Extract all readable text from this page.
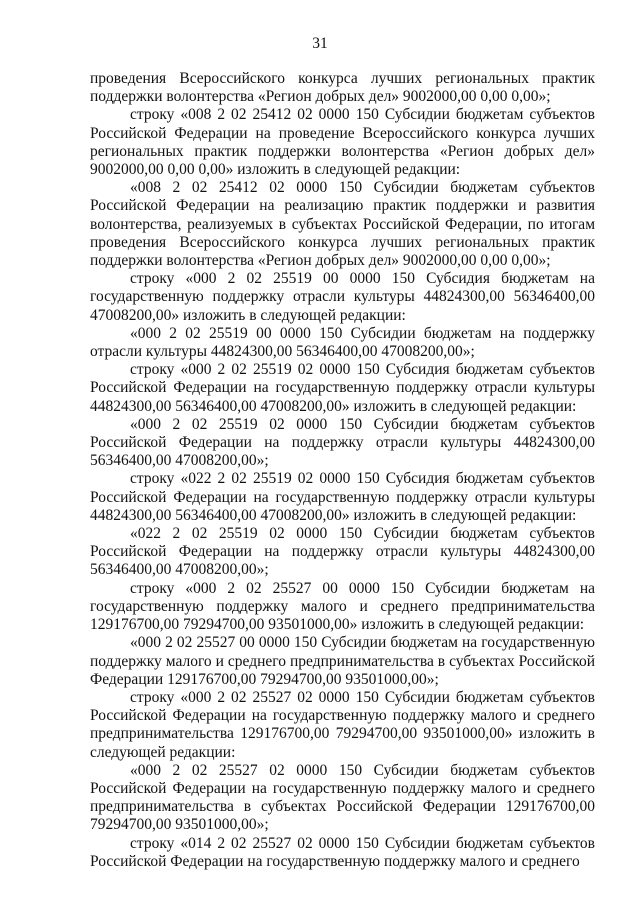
31

проведения Всероссийского конкурса лучших региональных практик поддержки волонтерства «Регион добрых дел» 9002000,00 0,00 0,00»;

строку «008 2 02 25412 02 0000 150 Субсидии бюджетам субъектов Российской Федерации на проведение Всероссийского конкурса лучших региональных практик поддержки волонтерства «Регион добрых дел» 9002000,00 0,00 0,00» изложить в следующей редакции:

«008 2 02 25412 02 0000 150 Субсидии бюджетам субъектов Российской Федерации на реализацию практик поддержки и развития волонтерства, реализуемых в субъектах Российской Федерации, по итогам проведения Всероссийского конкурса лучших региональных практик поддержки волонтерства «Регион добрых дел» 9002000,00 0,00 0,00»;

строку «000 2 02 25519 00 0000 150 Субсидия бюджетам на государственную поддержку отрасли культуры 44824300,00 56346400,00 47008200,00» изложить в следующей редакции:

«000 2 02 25519 00 0000 150 Субсидии бюджетам на поддержку отрасли культуры 44824300,00 56346400,00 47008200,00»;

строку «000 2 02 25519 02 0000 150 Субсидия бюджетам субъектов Российской Федерации на государственную поддержку отрасли культуры 44824300,00 56346400,00 47008200,00» изложить в следующей редакции:

«000 2 02 25519 02 0000 150 Субсидии бюджетам субъектов Российской Федерации на поддержку отрасли культуры 44824300,00 56346400,00 47008200,00»;

строку «022 2 02 25519 02 0000 150 Субсидия бюджетам субъектов Российской Федерации на государственную поддержку отрасли культуры 44824300,00 56346400,00 47008200,00» изложить в следующей редакции:

«022 2 02 25519 02 0000 150 Субсидии бюджетам субъектов Российской Федерации на поддержку отрасли культуры 44824300,00 56346400,00 47008200,00»;

строку «000 2 02 25527 00 0000 150 Субсидии бюджетам на государственную поддержку малого и среднего предпринимательства 129176700,00 79294700,00 93501000,00» изложить в следующей редакции:

«000 2 02 25527 00 0000 150 Субсидии бюджетам на государственную поддержку малого и среднего предпринимательства в субъектах Российской Федерации 129176700,00 79294700,00 93501000,00»;

строку «000 2 02 25527 02 0000 150 Субсидии бюджетам субъектов Российской Федерации на государственную поддержку малого и среднего предпринимательства 129176700,00 79294700,00 93501000,00» изложить в следующей редакции:

«000 2 02 25527 02 0000 150 Субсидии бюджетам субъектов Российской Федерации на государственную поддержку малого и среднего предпринимательства в субъектах Российской Федерации 129176700,00 79294700,00 93501000,00»;

строку «014 2 02 25527 02 0000 150 Субсидии бюджетам субъектов Российской Федерации на государственную поддержку малого и среднего
